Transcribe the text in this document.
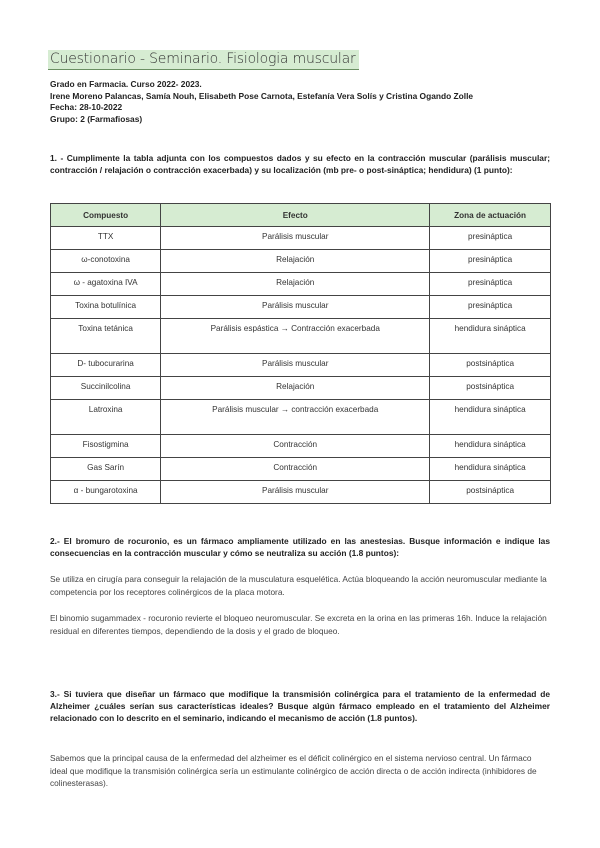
Cuestionario - Seminario. Fisiologia muscular
Grado en Farmacia. Curso 2022- 2023.
Irene Moreno Palancas, Samía Nouh, Elisabeth Pose Carnota, Estefanía Vera Solís y Cristina Ogando Zolle
Fecha: 28-10-2022
Grupo: 2 (Farmafiosas)
1. - Cumplimente la tabla adjunta con los compuestos dados y su efecto en la contracción muscular (parálisis muscular; contracción / relajación o contracción exacerbada) y su localización (mb pre- o post-sináptica; hendidura) (1 punto):
Compuesto	Efecto	Zona de actuación
TTX	Parálisis muscular	presináptica
ω-conotoxina	Relajación	presináptica
ω - agatoxina IVA	Relajación	presináptica
Toxina botulínica	Parálisis muscular	presináptica
Toxina tetánica	Parálisis espástica → Contracción exacerbada	hendidura sináptica
D- tubocurarina	Parálisis muscular	postsináptica
Succinilcolina	Relajación	postsináptica
Latroxina	Parálisis muscular → contracción exacerbada	hendidura sináptica
Fisostigmina	Contracción	hendidura sináptica
Gas Sarín	Contracción	hendidura sináptica
α - bungarotoxina	Parálisis muscular	postsináptica
2.- El bromuro de rocuronio, es un fármaco ampliamente utilizado en las anestesias. Busque información e indique las consecuencias en la contracción muscular y cómo se neutraliza su acción (1.8 puntos):

Se utiliza en cirugía para conseguir la relajación de la musculatura esquelética. Actúa bloqueando la acción neuromuscular mediante la competencia por los receptores colinérgicos de la placa motora.

El binomio sugammadex - rocuronio revierte el bloqueo neuromuscular. Se excreta en la orina en las primeras 16h. Induce la relajación residual en diferentes tiempos, dependiendo de la dosis y el grado de bloqueo.

3.- Si tuviera que diseñar un fármaco que modifique la transmisión colinérgica para el tratamiento de la enfermedad de Alzheimer ¿cuáles serían sus características ideales? Busque algún fármaco empleado en el tratamiento del Alzheimer relacionado con lo descrito en el seminario, indicando el mecanismo de acción (1.8 puntos).

Sabemos que la principal causa de la enfermedad del alzheimer es el déficit colinérgico en el sistema nervioso central. Un fármaco ideal que modifique la transmisión colinérgica sería un estimulante colinérgico de acción directa o de acción indirecta (inhibidores de colinesterasas).
